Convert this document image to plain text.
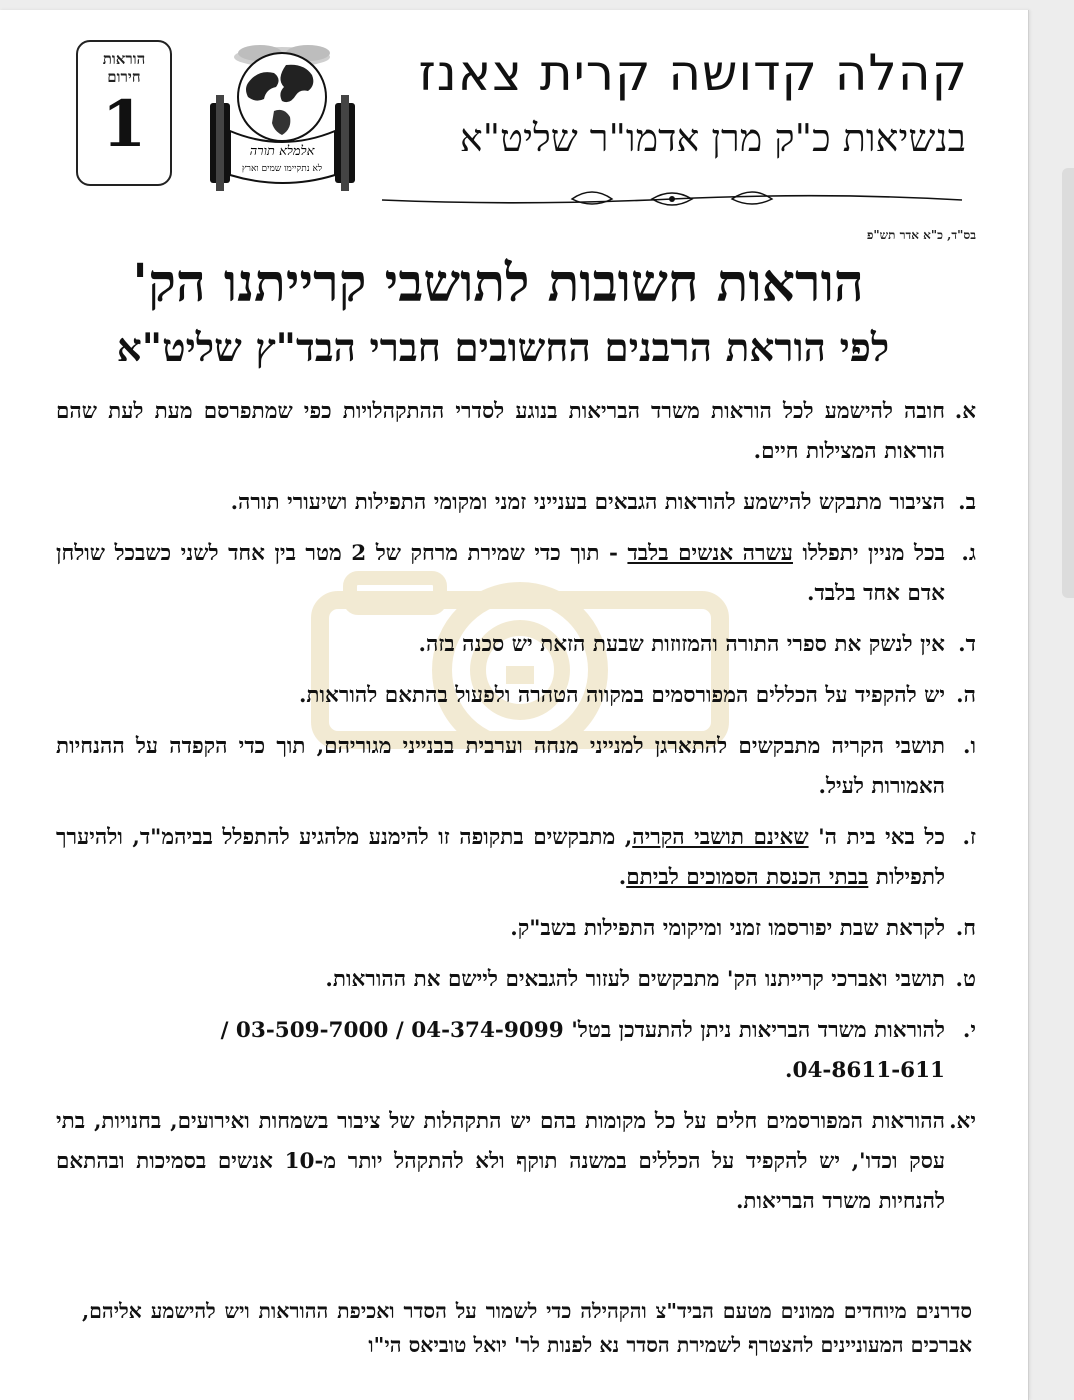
הוראות
חירום
1	אלמלא תורה
לא נתקיימו שמים וארץ
קהלה קדושה קרית צאנז
בנשיאות כ"ק מרן אדמו"ר שליט"א
בס"ד, כ"א אדר תש"פ
הוראות חשובות לתושבי קרייתנו הק'
לפי הוראת הרבנים החשובים חברי הבד"ץ שליט"א
א.
חובה להישמע לכל הוראות משרד הבריאות בנוגע לסדרי ההתקהלויות כפי שמתפרסם מעת לעת שהם הוראות המצילות חיים.
ב.
הציבור מתבקש להישמע להוראות הגבאים בענייני זמני ומקומי התפילות ושיעורי תורה.
ג.
בכל מניין יתפללו עשרה אנשים בלבד - תוך כדי שמירת מרחק של 2 מטר בין אחד לשני כשבכל שולחן אדם אחד בלבד.
ד.
אין לנשק את ספרי התורה והמזוזות שבעת הזאת יש סכנה בזה.
ה.
יש להקפיד על הכללים המפורסמים במקווה הטהרה ולפעול בהתאם להוראות.
ו.
תושבי הקריה מתבקשים להתארגן למנייני מנחה וערבית בבנייני מגוריהם, תוך כדי הקפדה על ההנחיות האמורות לעיל.
ז.
כל באי בית ה' שאינם תושבי הקריה, מתבקשים בתקופה זו להימנע מלהגיע להתפלל בביהמ"ד, ולהיערך לתפילות בבתי הכנסת הסמוכים לביתם.
ח.
לקראת שבת יפורסמו זמני ומיקומי התפילות בשב"ק.
ט.
תושבי ואברכי קרייתנו הק' מתבקשים לעזור להגבאים ליישם את ההוראות.
י.
להוראות משרד הבריאות ניתן להתעדכן בטל' 03-509-7000 / 04-374-9099 /
04-8611-611.
יא.
ההוראות המפורסמים חלים על כל מקומות בהם יש התקהלות של ציבור בשמחות ואירועים, בחנויות, בתי עסק וכדו', יש להקפיד על הכללים במשנה תוקף ולא להתקהל יותר מ-10 אנשים בסמיכות ובהתאם להנחיות משרד הבריאות.
סדרנים מיוחדים ממונים מטעם הביד"צ והקהילה כדי לשמור על הסדר ואכיפת ההוראות ויש להישמע אליהם, אברכים המעוניינים להצטרף לשמירת הסדר נא לפנות לר' יואל טוביאס הי"ו
